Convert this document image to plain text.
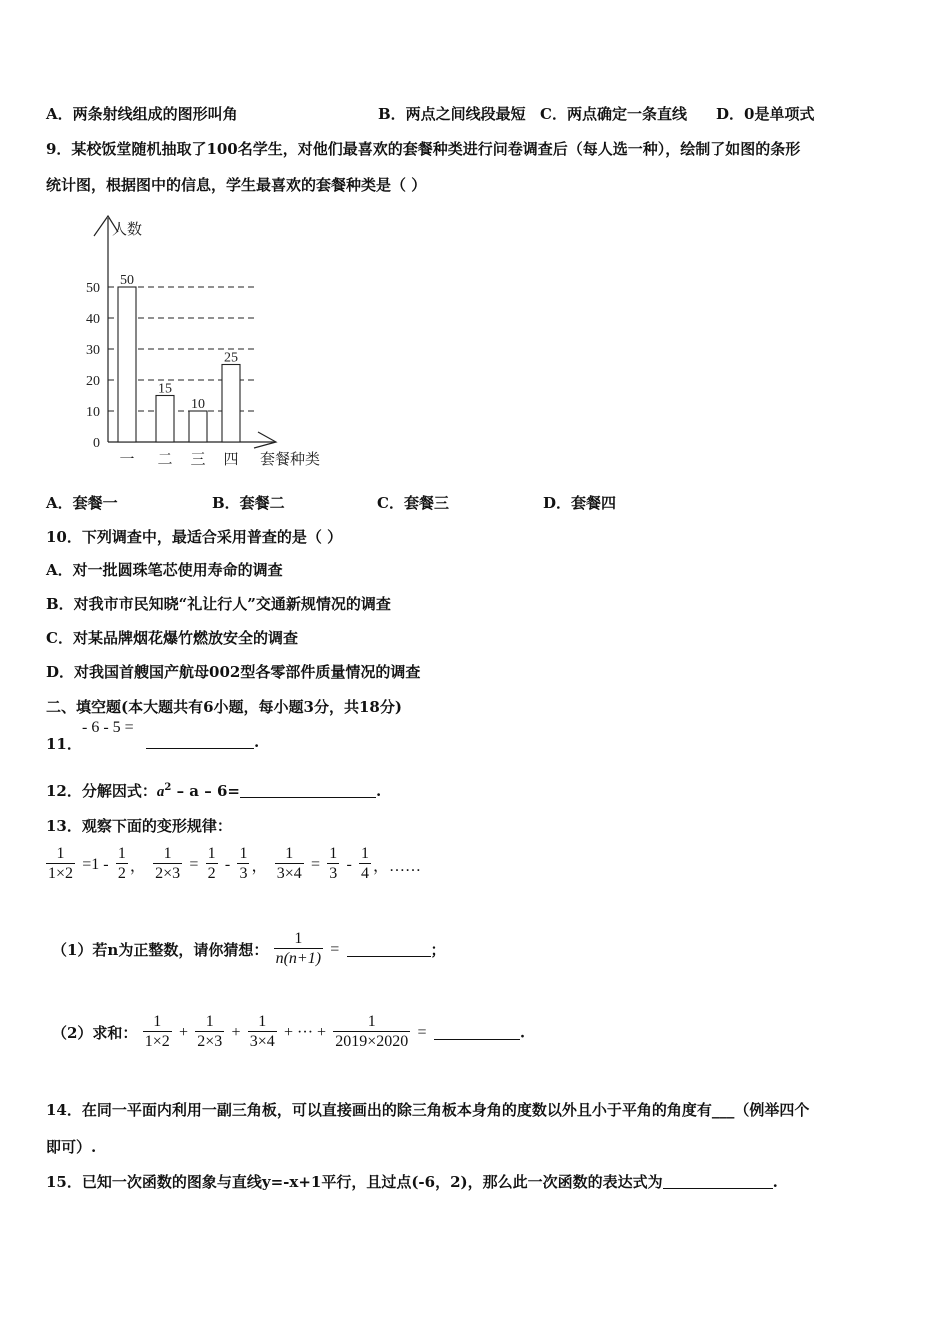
A．两条射线组成的图形叫角	B．两点之间线段最短 C．两点确定一条直线 D．0是单项式
9．某校饭堂随机抽取了100名学生，对他们最喜欢的套餐种类进行问卷调查后（每人选一种），绘制了如图的条形
统计图，根据图中的信息，学生最喜欢的套餐种类是（ ）
人数
0
10
20
30
40
50
50
一
15
二
10
三
25
四 套餐种类
A．套餐一	B．套餐二	C．套餐三	D．套餐四
10．下列调查中，最适合采用普查的是（ ）
A．对一批圆珠笔芯使用寿命的调查
B．对我市市民知晓“礼让行人”交通新规情况的调查
C．对某品牌烟花爆竹燃放安全的调查
D．对我国首艘国产航母002型各零部件质量情况的调查
二、填空题(本大题共有6小题，每小题3分，共18分)
- 6 - 5 =
11．	.
12．分解因式：$a^2 - a - 6=$	.
13．观察下面的变形规律：
$\frac{1}{1\times 2} =1 - \frac{1}{2}$ ， $\frac{1}{2\times 3} = \frac{1}{2} - \frac{1}{3}$ ， $\frac{1}{3\times 4} = \frac{1}{3} - \frac{1}{4}$ ，……
（1）若n为正整数，请你猜想： $\frac{1}{n(n+1)}$ =	；
（2）求和： $\frac{1}{1\times 2} + \frac{1}{2\times 3} + \frac{1}{3\times 4}$ + ··· + $\frac{1}{2019\times 2020}$ =	.
14．在同一平面内利用一副三角板，可以直接画出的除三角板本身角的度数以外且小于平角的角度有___（例举四个
即可）.
15．已知一次函数的图象与直线y=-x+1平行，且过点(-6，2)，那么此一次函数的表达式为	.
